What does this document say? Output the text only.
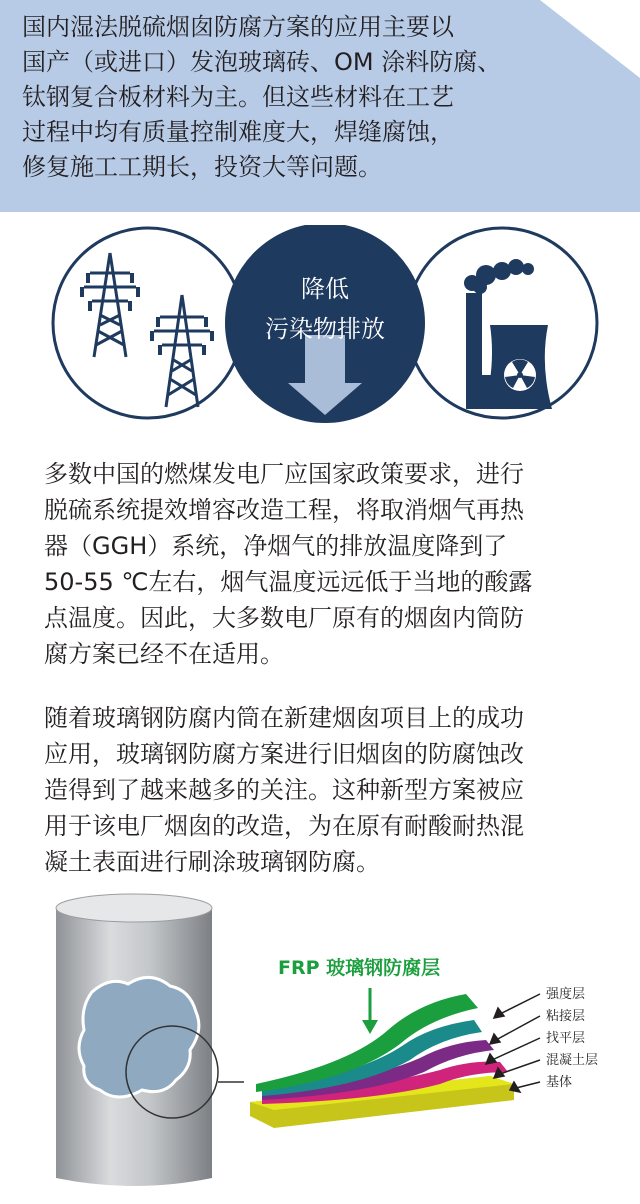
国内湿法脱硫烟囱防腐方案的应用主要以
国产（或进口）发泡玻璃砖、OM 涂料防腐、
钛钢复合板材料为主。但这些材料在工艺
过程中均有质量控制难度大，焊缝腐蚀，
修复施工工期长，投资大等问题。
降低
污染物排放
多数中国的燃煤发电厂应国家政策要求，进行
脱硫系统提效增容改造工程，将取消烟气再热
器（GGH）系统，净烟气的排放温度降到了
50-55 ℃左右，烟气温度远远低于当地的酸露
点温度。因此，大多数电厂原有的烟囱内筒防
腐方案已经不在适用。
随着玻璃钢防腐内筒在新建烟囱项目上的成功
应用，玻璃钢防腐方案进行旧烟囱的防腐蚀改
造得到了越来越多的关注。这种新型方案被应
用于该电厂烟囱的改造，为在原有耐酸耐热混
凝土表面进行刷涂玻璃钢防腐。
FRP 玻璃钢防腐层
强度层
粘接层
找平层
混凝土层
基体
